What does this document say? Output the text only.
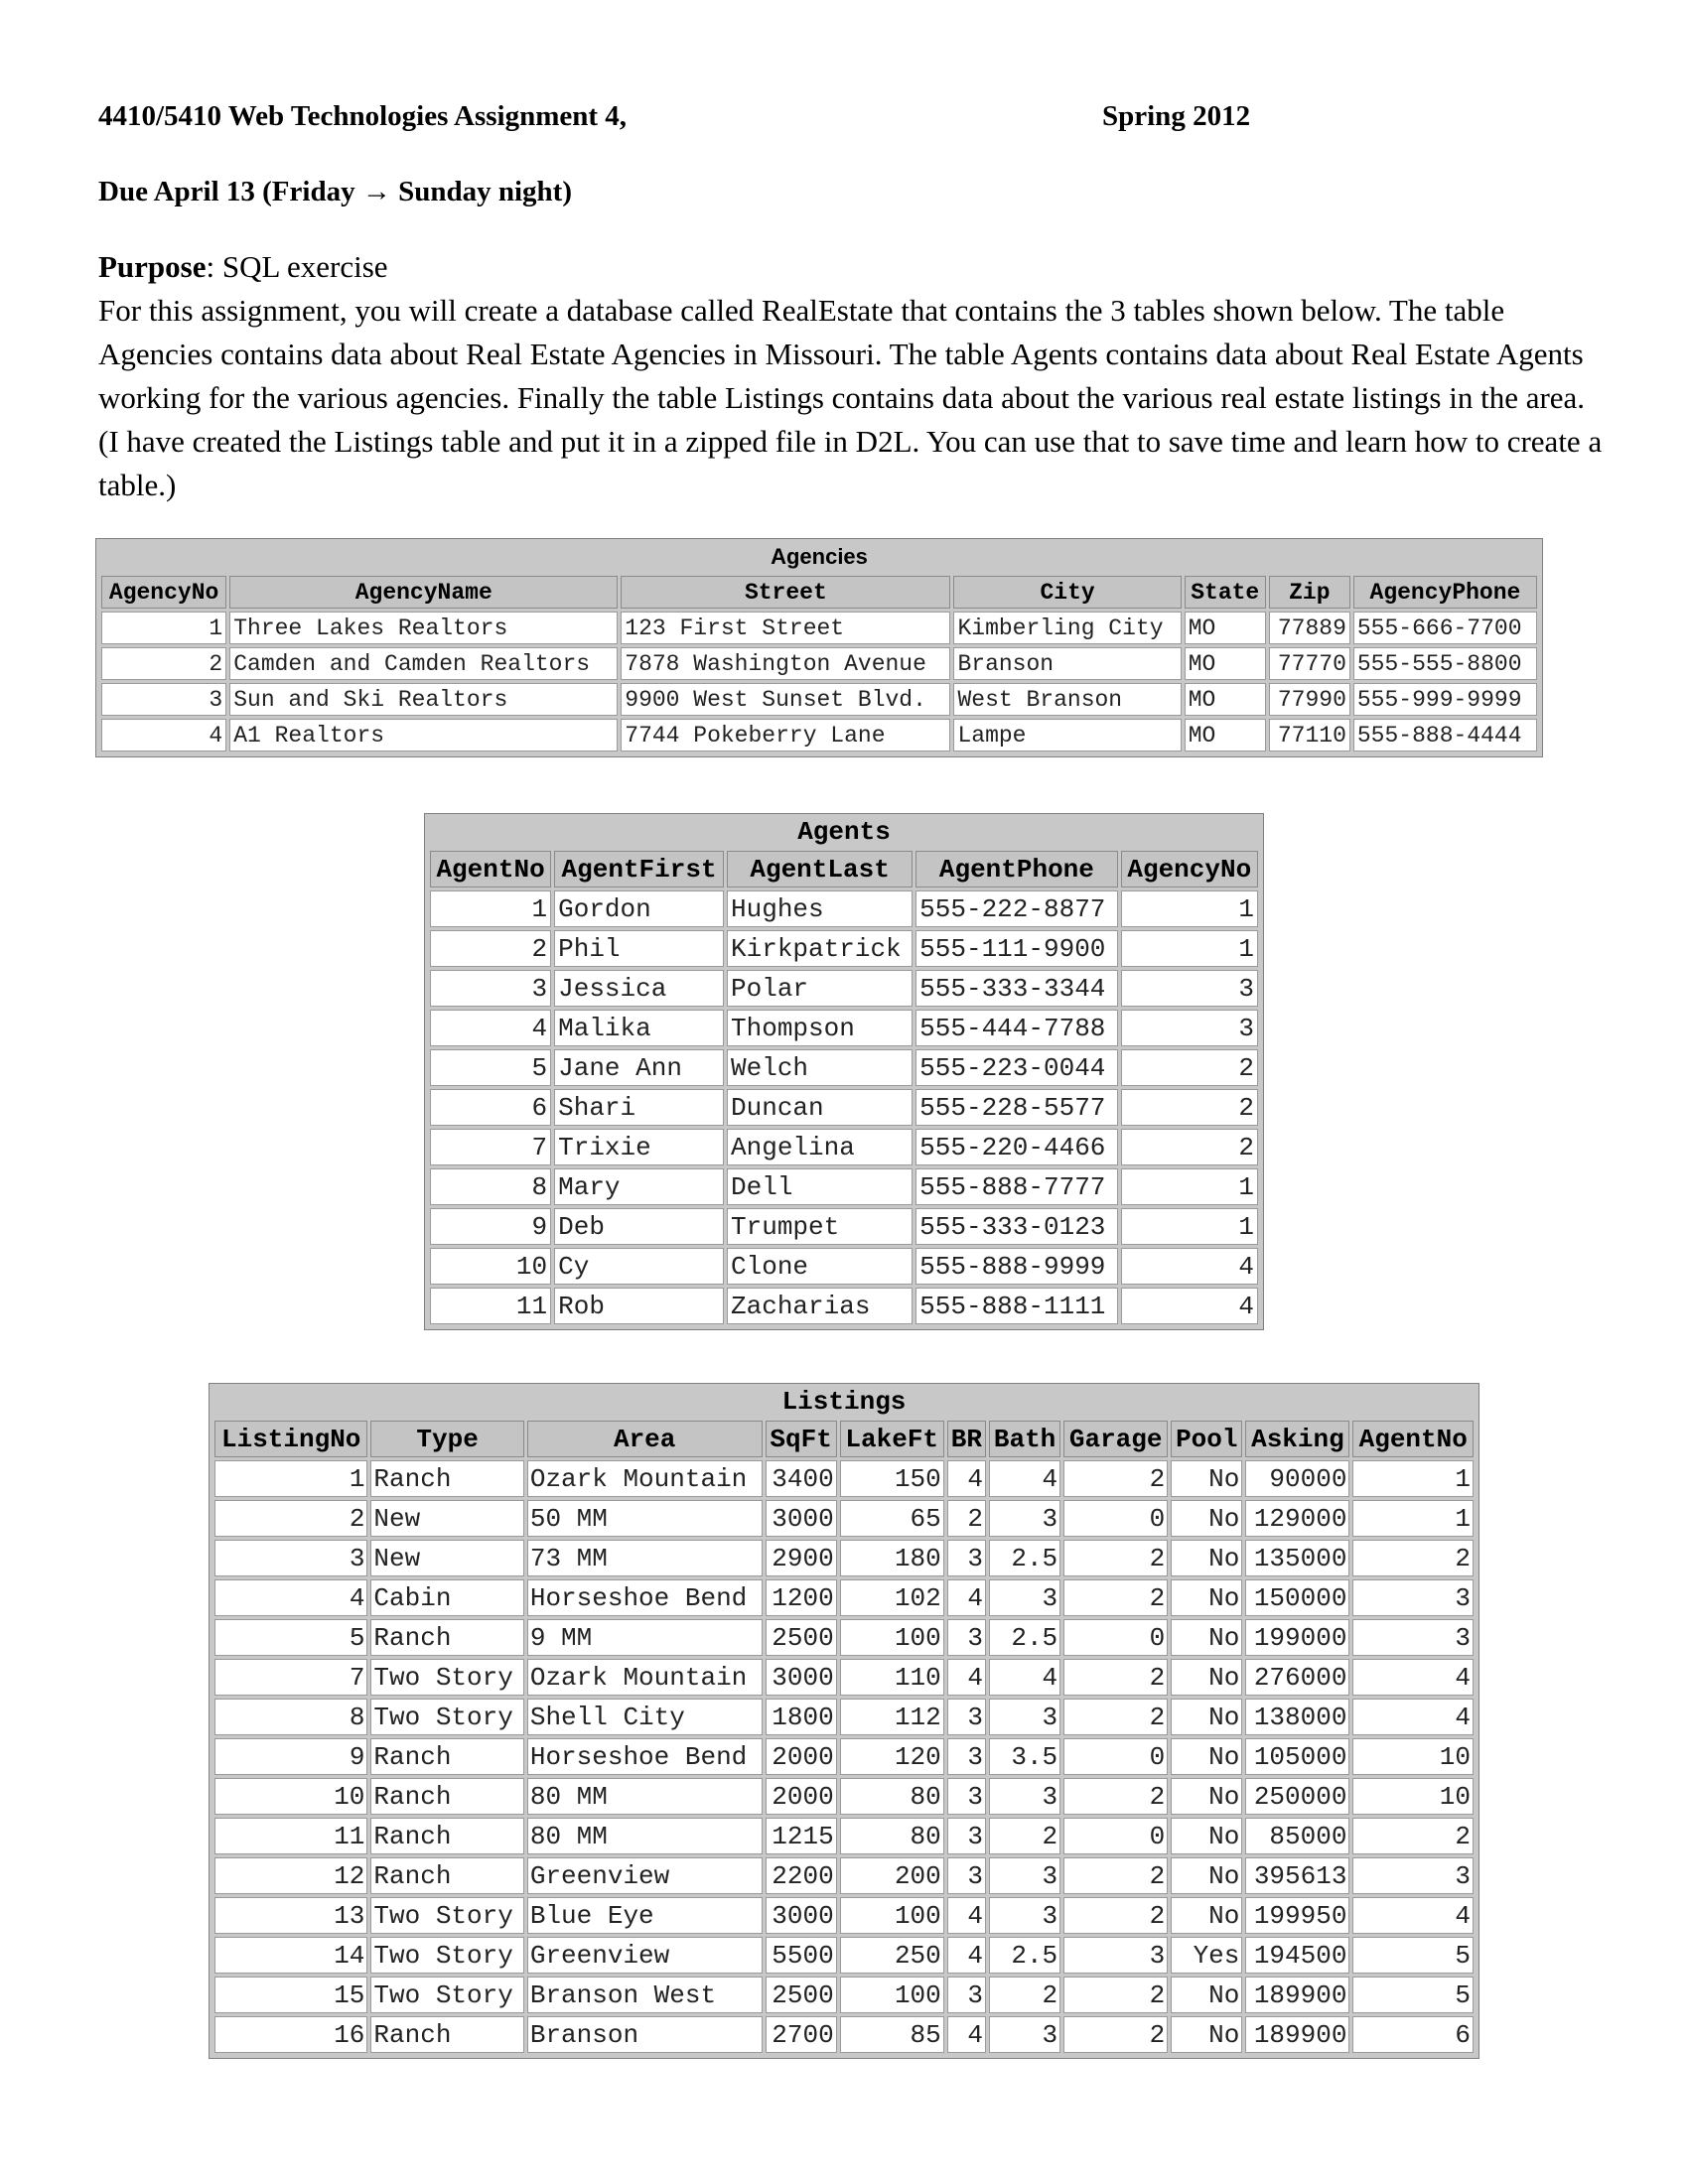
4410/5410 Web Technologies Assignment 4,	Spring 2012
Due April 13 (Friday → Sunday night)
Purpose: SQL exercise
For this assignment, you will create a database called RealEstate that contains the 3 tables shown below. The table Agencies contains data about Real Estate Agencies in Missouri. The table Agents contains data about Real Estate Agents working for the various agencies. Finally the table Listings contains data about the various real estate listings in the area. (I have created the Listings table and put it in a zipped file in D2L. You can use that to save time and learn how to create a table.)
Agencies
AgencyNo	AgencyName	Street	City	State	Zip	AgencyPhone
1	Three Lakes Realtors	123 First Street	Kimberling City	MO	77889	555-666-7700
2	Camden and Camden Realtors	7878 Washington Avenue	Branson	MO	77770	555-555-8800
3	Sun and Ski Realtors	9900 West Sunset Blvd.	West Branson	MO	77990	555-999-9999
4	A1 Realtors	7744 Pokeberry Lane	Lampe	MO	77110	555-888-4444
Agents
AgentNo	AgentFirst	AgentLast	AgentPhone	AgencyNo
1	Gordon	Hughes	555-222-8877	1
2	Phil	Kirkpatrick	555-111-9900	1
3	Jessica	Polar	555-333-3344	3
4	Malika	Thompson	555-444-7788	3
5	Jane Ann	Welch	555-223-0044	2
6	Shari	Duncan	555-228-5577	2
7	Trixie	Angelina	555-220-4466	2
8	Mary	Dell	555-888-7777	1
9	Deb	Trumpet	555-333-0123	1
10	Cy	Clone	555-888-9999	4
11	Rob	Zacharias	555-888-1111	4
Listings
ListingNo	Type	Area	SqFt	LakeFt	BR	Bath	Garage	Pool	Asking	AgentNo
1	Ranch	Ozark Mountain	3400	150	4	4	2	No	90000	1
2	New	50 MM	3000	65	2	3	0	No	129000	1
3	New	73 MM	2900	180	3	2.5	2	No	135000	2
4	Cabin	Horseshoe Bend	1200	102	4	3	2	No	150000	3
5	Ranch	9 MM	2500	100	3	2.5	0	No	199000	3
7	Two Story	Ozark Mountain	3000	110	4	4	2	No	276000	4
8	Two Story	Shell City	1800	112	3	3	2	No	138000	4
9	Ranch	Horseshoe Bend	2000	120	3	3.5	0	No	105000	10
10	Ranch	80 MM	2000	80	3	3	2	No	250000	10
11	Ranch	80 MM	1215	80	3	2	0	No	85000	2
12	Ranch	Greenview	2200	200	3	3	2	No	395613	3
13	Two Story	Blue Eye	3000	100	4	3	2	No	199950	4
14	Two Story	Greenview	5500	250	4	2.5	3	Yes	194500	5
15	Two Story	Branson West	2500	100	3	2	2	No	189900	5
16	Ranch	Branson	2700	85	4	3	2	No	189900	6
